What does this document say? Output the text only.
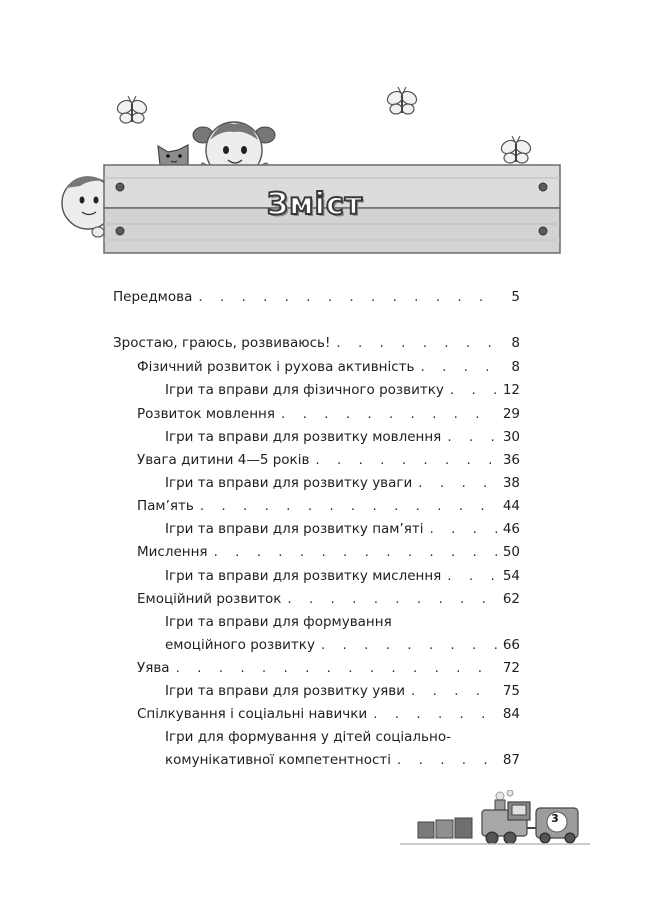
Зміст
Передмова . . .	5
Зростаю, граюсь, розвиваюсь! . . .	8
Фізичний розвиток і рухова активність . . .	8
Ігри та вправи для фізичного розвитку . . .	12
Розвиток мовлення . . .	29
Ігри та вправи для розвитку мовлення . . .	30
Увага дитини 4—5 років . . .	36
Ігри та вправи для розвитку уваги . . .	38
Пам’ять . . .	44
Ігри та вправи для розвитку пам’яті . . .	46
Мислення . . .	50
Ігри та вправи для розвитку мислення . . .	54
Емоційний розвиток . . .	62
Ігри та вправи для формування
емоційного розвитку . . .	66
Уява . . .	72
Ігри та вправи для розвитку уяви . . .	75
Спілкування і соціальні навички . . .	84
Ігри для формування у дітей соціально-
комунікативної компетентності . . .	87
3
